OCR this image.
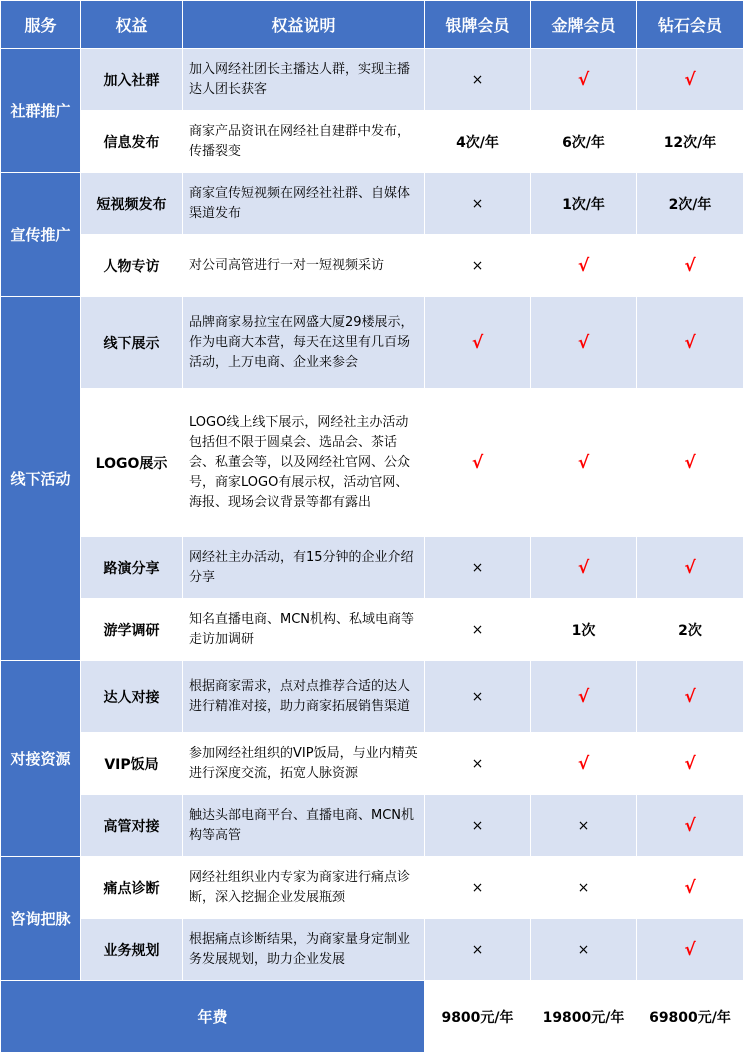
服务	权益	权益说明	银牌会员	金牌会员	钻石会员
社群推广	加入社群	加入网经社团长主播达人群，实现主播达人团长获客	×	√	√
	信息发布	商家产品资讯在网经社自建群中发布，传播裂变	4次/年	6次/年	12次/年
宣传推广	短视频发布	商家宣传短视频在网经社社群、自媒体渠道发布	×	1次/年	2次/年
	人物专访	对公司高管进行一对一短视频采访	×	√	√
线下活动	线下展示	品牌商家易拉宝在网盛大厦29楼展示，作为电商大本营，每天在这里有几百场活动，上万电商、企业来参会	√	√	√
	LOGO展示	LOGO线上线下展示，网经社主办活动包括但不限于圆桌会、选品会、茶话会、私董会等，以及网经社官网、公众号，商家LOGO有展示权，活动官网、海报、现场会议背景等都有露出	√	√	√
	路演分享	网经社主办活动，有15分钟的企业介绍分享	×	√	√
	游学调研	知名直播电商、MCN机构、私域电商等走访加调研	×	1次	2次
对接资源	达人对接	根据商家需求，点对点推荐合适的达人进行精准对接，助力商家拓展销售渠道	×	√	√
	VIP饭局	参加网经社组织的VIP饭局，与业内精英进行深度交流，拓宽人脉资源	×	√	√
	高管对接	触达头部电商平台、直播电商、MCN机构等高管	×	×	√
咨询把脉	痛点诊断	网经社组织业内专家为商家进行痛点诊断，深入挖掘企业发展瓶颈	×	×	√
	业务规划	根据痛点诊断结果，为商家量身定制业务发展规划，助力企业发展	×	×	√
年费			9800元/年	19800元/年	69800元/年
